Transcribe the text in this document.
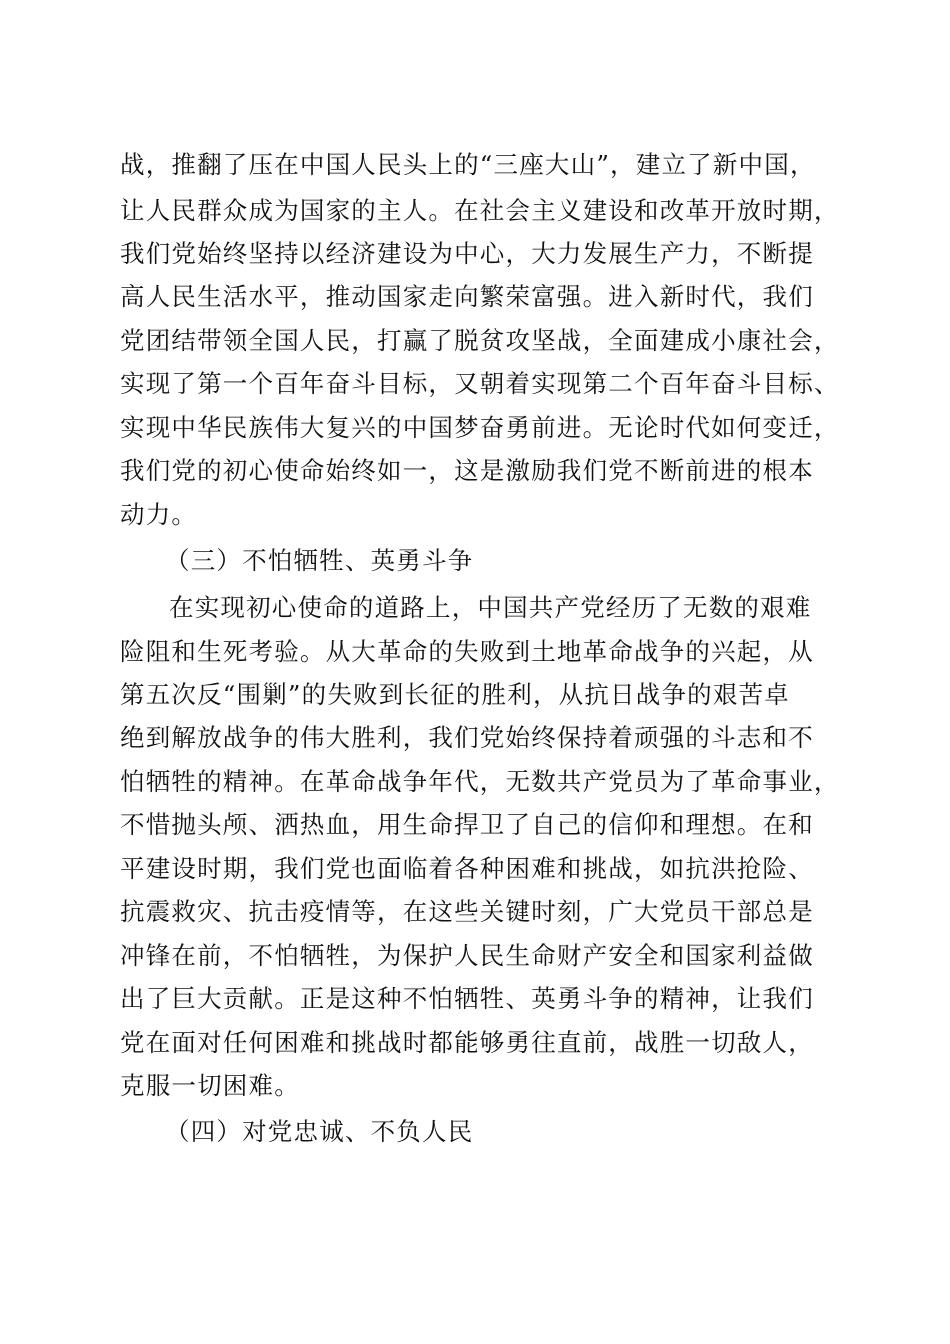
战，推翻了压在中国人民头上的“三座大山”，建立了新中国，
让人民群众成为国家的主人。在社会主义建设和改革开放时期，
我们党始终坚持以经济建设为中心，大力发展生产力，不断提
高人民生活水平，推动国家走向繁荣富强。进入新时代，我们
党团结带领全国人民，打赢了脱贫攻坚战，全面建成小康社会，
实现了第一个百年奋斗目标，又朝着实现第二个百年奋斗目标、
实现中华民族伟大复兴的中国梦奋勇前进。无论时代如何变迁，
我们党的初心使命始终如一，这是激励我们党不断前进的根本
动力。
（三）不怕牺牲、英勇斗争
在实现初心使命的道路上，中国共产党经历了无数的艰难
险阻和生死考验。从大革命的失败到土地革命战争的兴起，从
第五次反“围剿”的失败到长征的胜利，从抗日战争的艰苦卓
绝到解放战争的伟大胜利，我们党始终保持着顽强的斗志和不
怕牺牲的精神。在革命战争年代，无数共产党员为了革命事业，
不惜抛头颅、洒热血，用生命捍卫了自己的信仰和理想。在和
平建设时期，我们党也面临着各种困难和挑战，如抗洪抢险、
抗震救灾、抗击疫情等，在这些关键时刻，广大党员干部总是
冲锋在前，不怕牺牲，为保护人民生命财产安全和国家利益做
出了巨大贡献。正是这种不怕牺牲、英勇斗争的精神，让我们
党在面对任何困难和挑战时都能够勇往直前，战胜一切敌人，
克服一切困难。
（四）对党忠诚、不负人民
